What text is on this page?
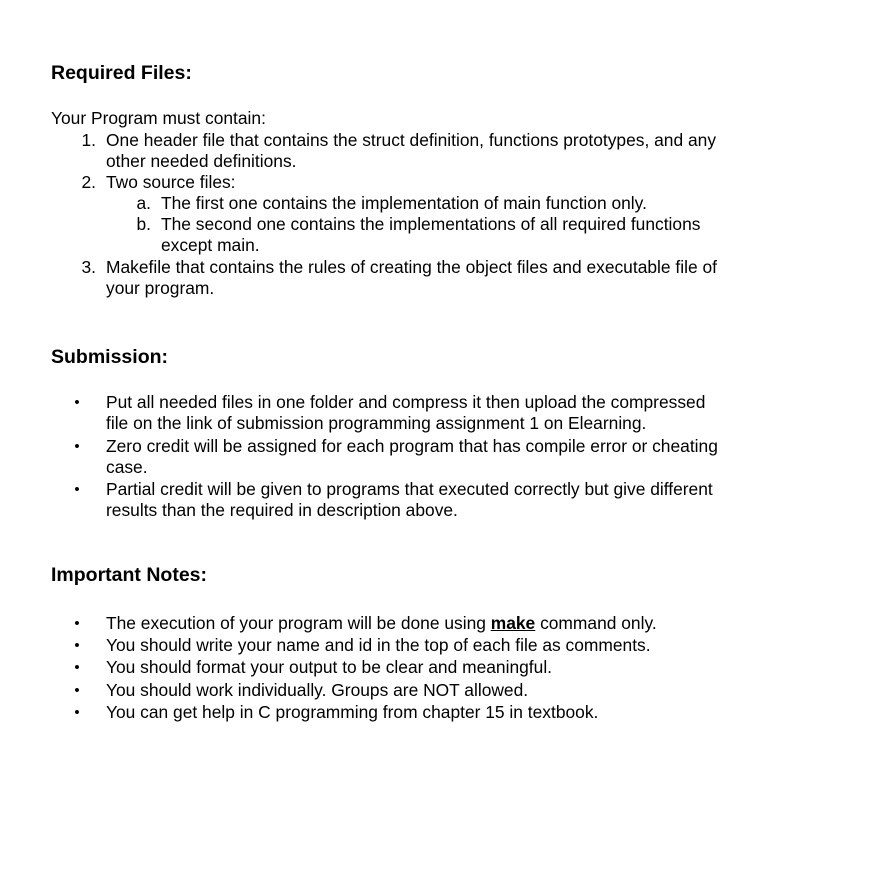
Required Files:

Your Program must contain:

1. One header file that contains the struct definition, functions prototypes, and any
other needed definitions.

2. Two source files:

a. The first one contains the implementation of main function only.

b. The second one contains the implementations of all required functions
except main.

3. Makefile that contains the rules of creating the object files and executable file of
your program.

Submission:
• Put all needed files in one folder and compress it then upload the compressed
file on the link of submission programming assignment 1 on Elearning.

• Zero credit will be assigned for each program that has compile error or cheating
case.

• Partial credit will be given to programs that executed correctly but give different
results than the required in description above.

Important Notes:
• The execution of your program will be done using make command only.

• You should write your name and id in the top of each file as comments.

• You should format your output to be clear and meaningful.

• You should work individually. Groups are NOT allowed.

• You can get help in C programming from chapter 15 in textbook.
